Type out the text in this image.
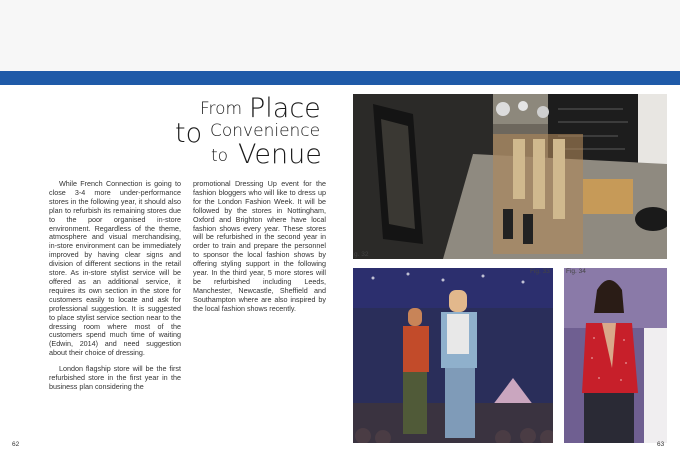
From Place
to Convenience
to Venue

While French Connection is going to close 3-4 more under-performance stores in the following year, it should also plan to refurbish its remaining stores due to the poor organised in-store environment. Regardless of the theme, atmosphere and visual merchandising, in-store environment can be immediately improved by having clear signs and division of different sections in the retail store. As in-store stylist service will be offered as an additional service, it requires its own section in the store for customers easily to locate and ask for professional suggestion. It is suggested to place stylist service section near to the dressing room where most of the customers spend much time of waiting (Edwin, 2014) and need suggestion about their choice of dressing.

London flagship store will be the first refurbished store in the first year in the business plan considering the

promotional Dressing Up event for the fashion bloggers who will like to dress up for the London Fashion Week. It will be followed by the stores in Nottingham, Oxford and Brighton where have local fashion shows every year. These stores will be refurbished in the second year in order to train and prepare the personnel to sponsor the local fashion shows by offering styling support in the following year. In the third year, 5 more stores will be refurbished including Leeds, Manchester, Newcastle, Sheffield and Southampton where are also inspired by the local fashion shows recently.

g. 32
Fig. 33 Fig. 34
62	63
